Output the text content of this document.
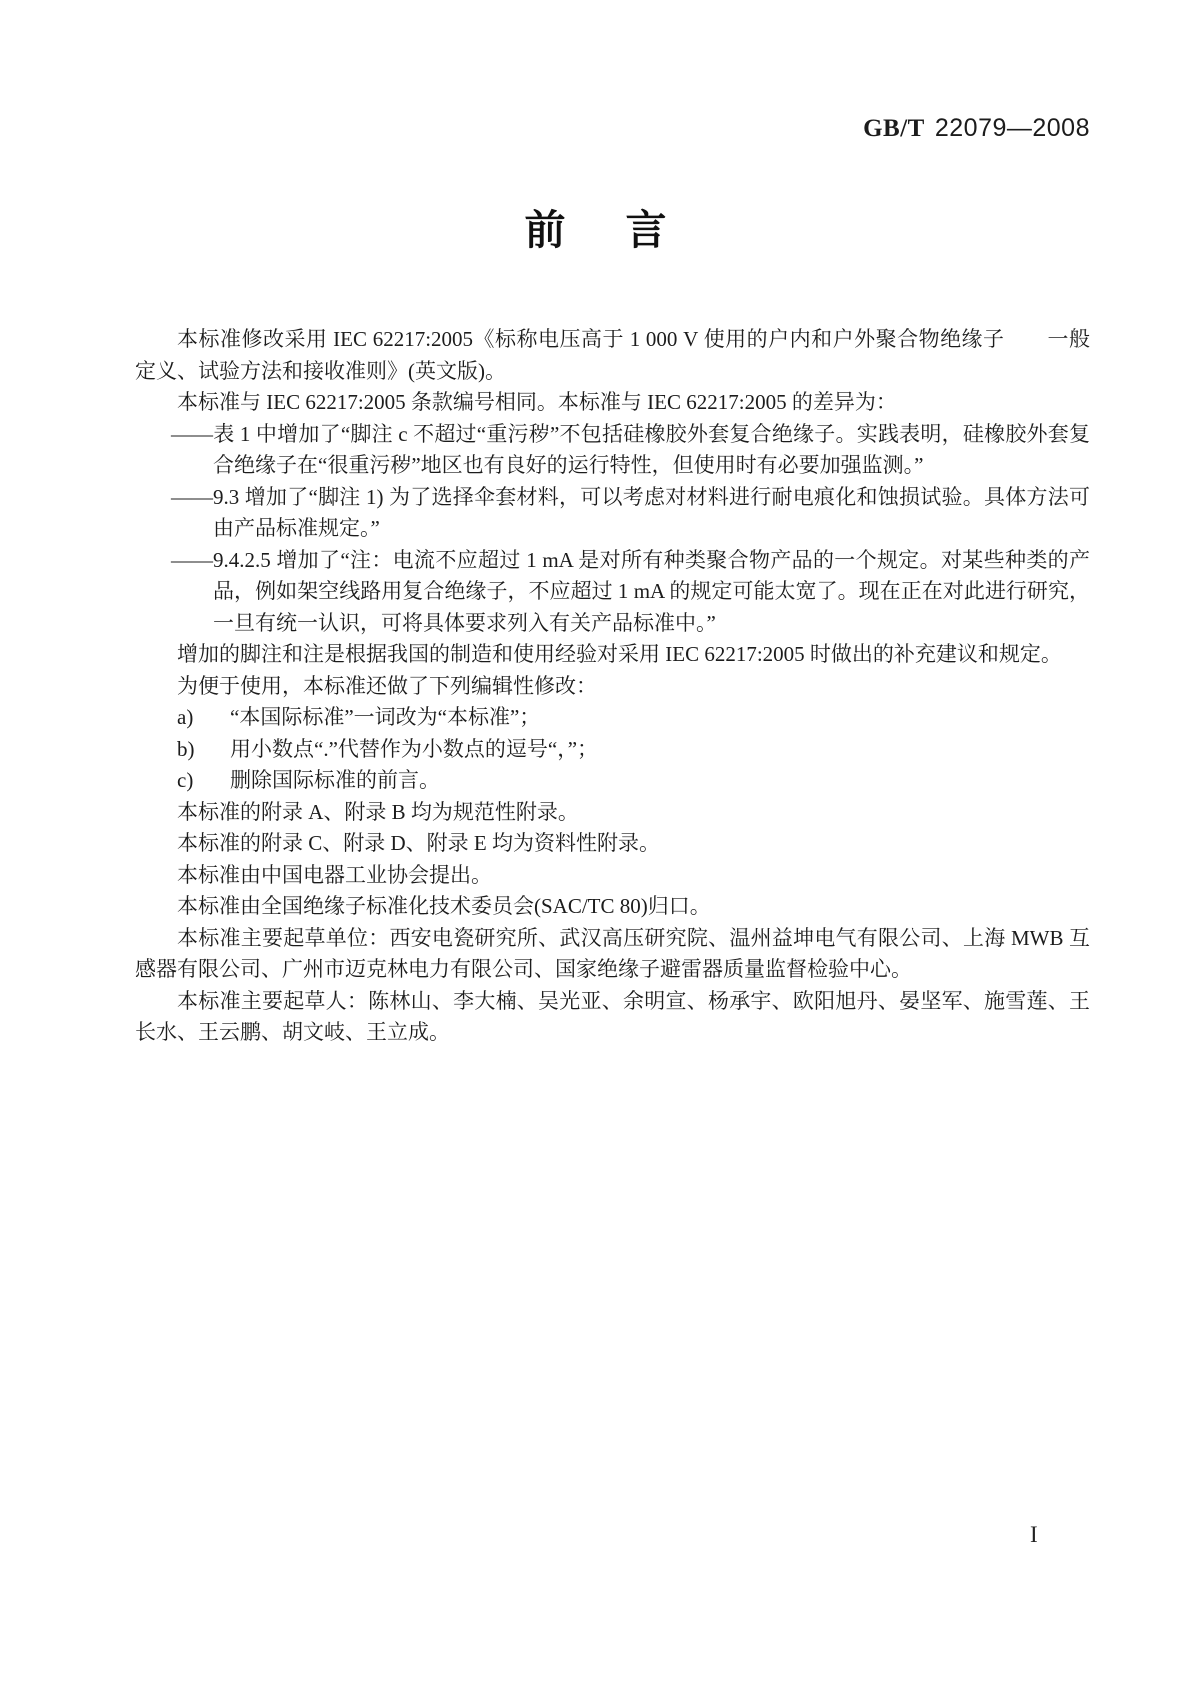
GB/T 22079—2008
前 言
本标准修改采用 IEC 62217:2005《标称电压高于 1 000 V 使用的户内和户外聚合物绝缘子　　一般定义、试验方法和接收准则》(英文版)。
本标准与 IEC 62217:2005 条款编号相同。本标准与 IEC 62217:2005 的差异为：
——表 1 中增加了“脚注 c 不超过“重污秽”不包括硅橡胶外套复合绝缘子。实践表明，硅橡胶外套复合绝缘子在“很重污秽”地区也有良好的运行特性，但使用时有必要加强监测。”
——9.3 增加了“脚注 1) 为了选择伞套材料，可以考虑对材料进行耐电痕化和蚀损试验。具体方法可由产品标准规定。”
——9.4.2.5 增加了“注：电流不应超过 1 mA 是对所有种类聚合物产品的一个规定。对某些种类的产品，例如架空线路用复合绝缘子，不应超过 1 mA 的规定可能太宽了。现在正在对此进行研究，一旦有统一认识，可将具体要求列入有关产品标准中。”
增加的脚注和注是根据我国的制造和使用经验对采用 IEC 62217:2005 时做出的补充建议和规定。
为便于使用，本标准还做了下列编辑性修改：
a) “本国际标准”一词改为“本标准”；
b) 用小数点“.”代替作为小数点的逗号“，”；
c) 删除国际标准的前言。
本标准的附录 A、附录 B 均为规范性附录。
本标准的附录 C、附录 D、附录 E 均为资料性附录。
本标准由中国电器工业协会提出。
本标准由全国绝缘子标准化技术委员会(SAC/TC 80)归口。
本标准主要起草单位：西安电瓷研究所、武汉高压研究院、温州益坤电气有限公司、上海 MWB 互感器有限公司、广州市迈克林电力有限公司、国家绝缘子避雷器质量监督检验中心。
本标准主要起草人：陈林山、李大楠、吴光亚、余明宣、杨承宇、欧阳旭丹、晏坚军、施雪莲、王长水、王云鹏、胡文岐、王立成。
I
